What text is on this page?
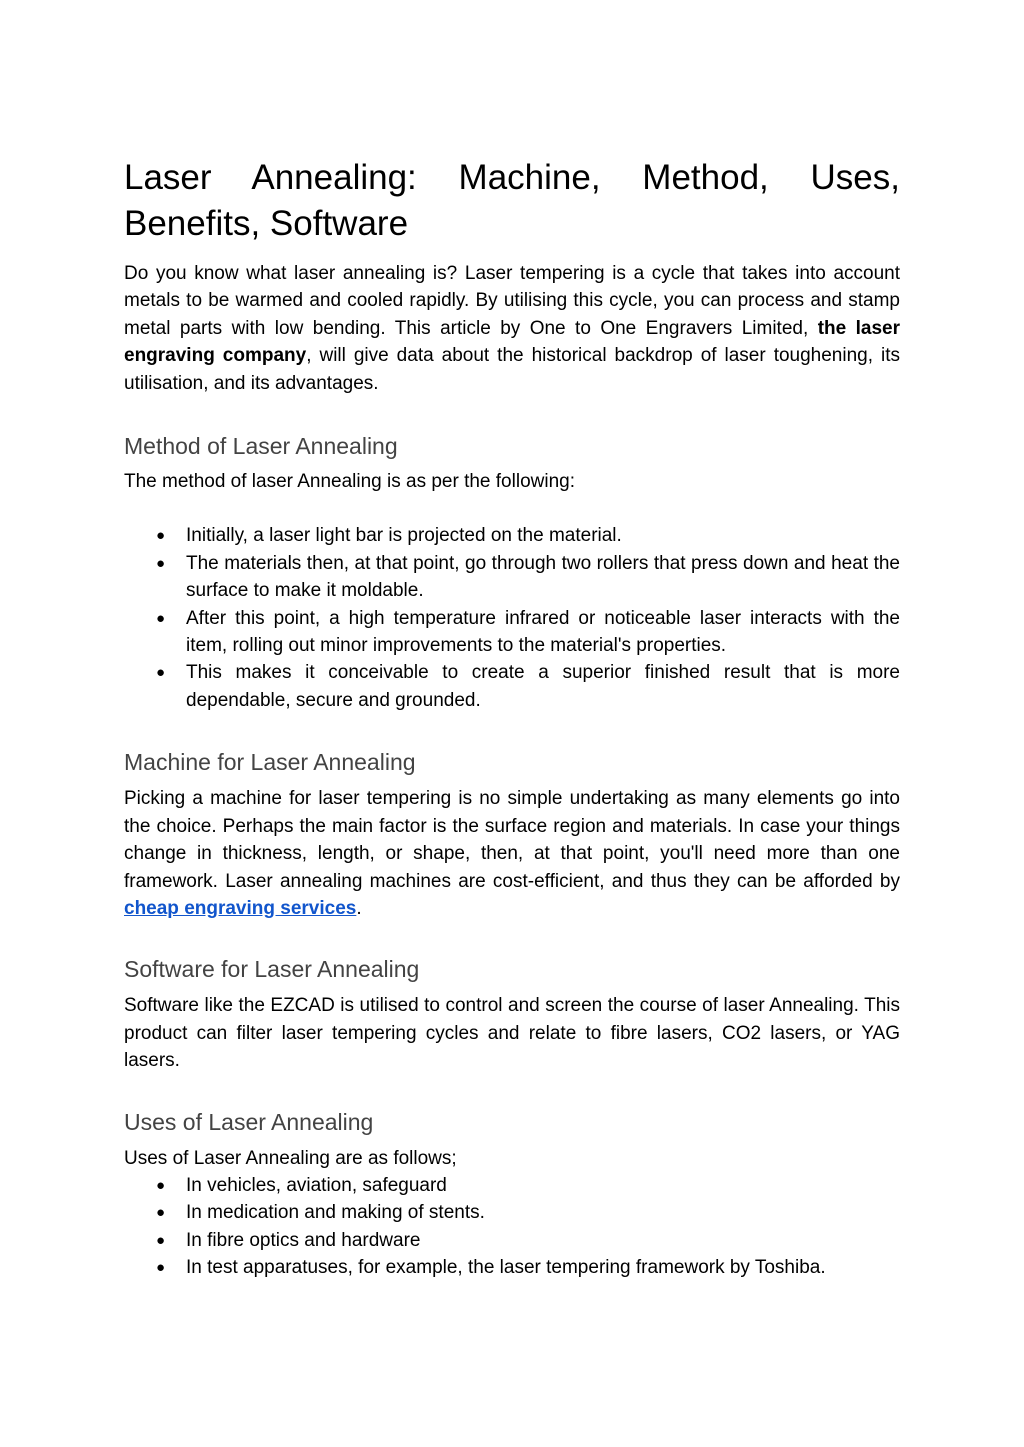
Laser Annealing: Machine, Method, Uses,
Benefits, Software

Do you know what laser annealing is? Laser tempering is a cycle that takes into account metals to be warmed and cooled rapidly. By utilising this cycle, you can process and stamp metal parts with low bending. This article by One to One Engravers Limited, the laser engraving company, will give data about the historical backdrop of laser toughening, its utilisation, and its advantages.

Method of Laser Annealing

The method of laser Annealing is as per the following:

● Initially, a laser light bar is projected on the material.
● The materials then, at that point, go through two rollers that press down and heat the surface to make it moldable.
● After this point, a high temperature infrared or noticeable laser interacts with the item, rolling out minor improvements to the material's properties.
● This makes it conceivable to create a superior finished result that is more dependable, secure and grounded.
Machine for Laser Annealing

Picking a machine for laser tempering is no simple undertaking as many elements go into the choice. Perhaps the main factor is the surface region and materials. In case your things change in thickness, length, or shape, then, at that point, you'll need more than one framework. Laser annealing machines are cost-efficient, and thus they can be afforded by cheap engraving services.

Software for Laser Annealing

Software like the EZCAD is utilised to control and screen the course of laser Annealing. This product can filter laser tempering cycles and relate to fibre lasers, CO2 lasers, or YAG lasers.

Uses of Laser Annealing

Uses of Laser Annealing are as follows;

● In vehicles, aviation, safeguard
● In medication and making of stents.
● In fibre optics and hardware
● In test apparatuses, for example, the laser tempering framework by Toshiba.
